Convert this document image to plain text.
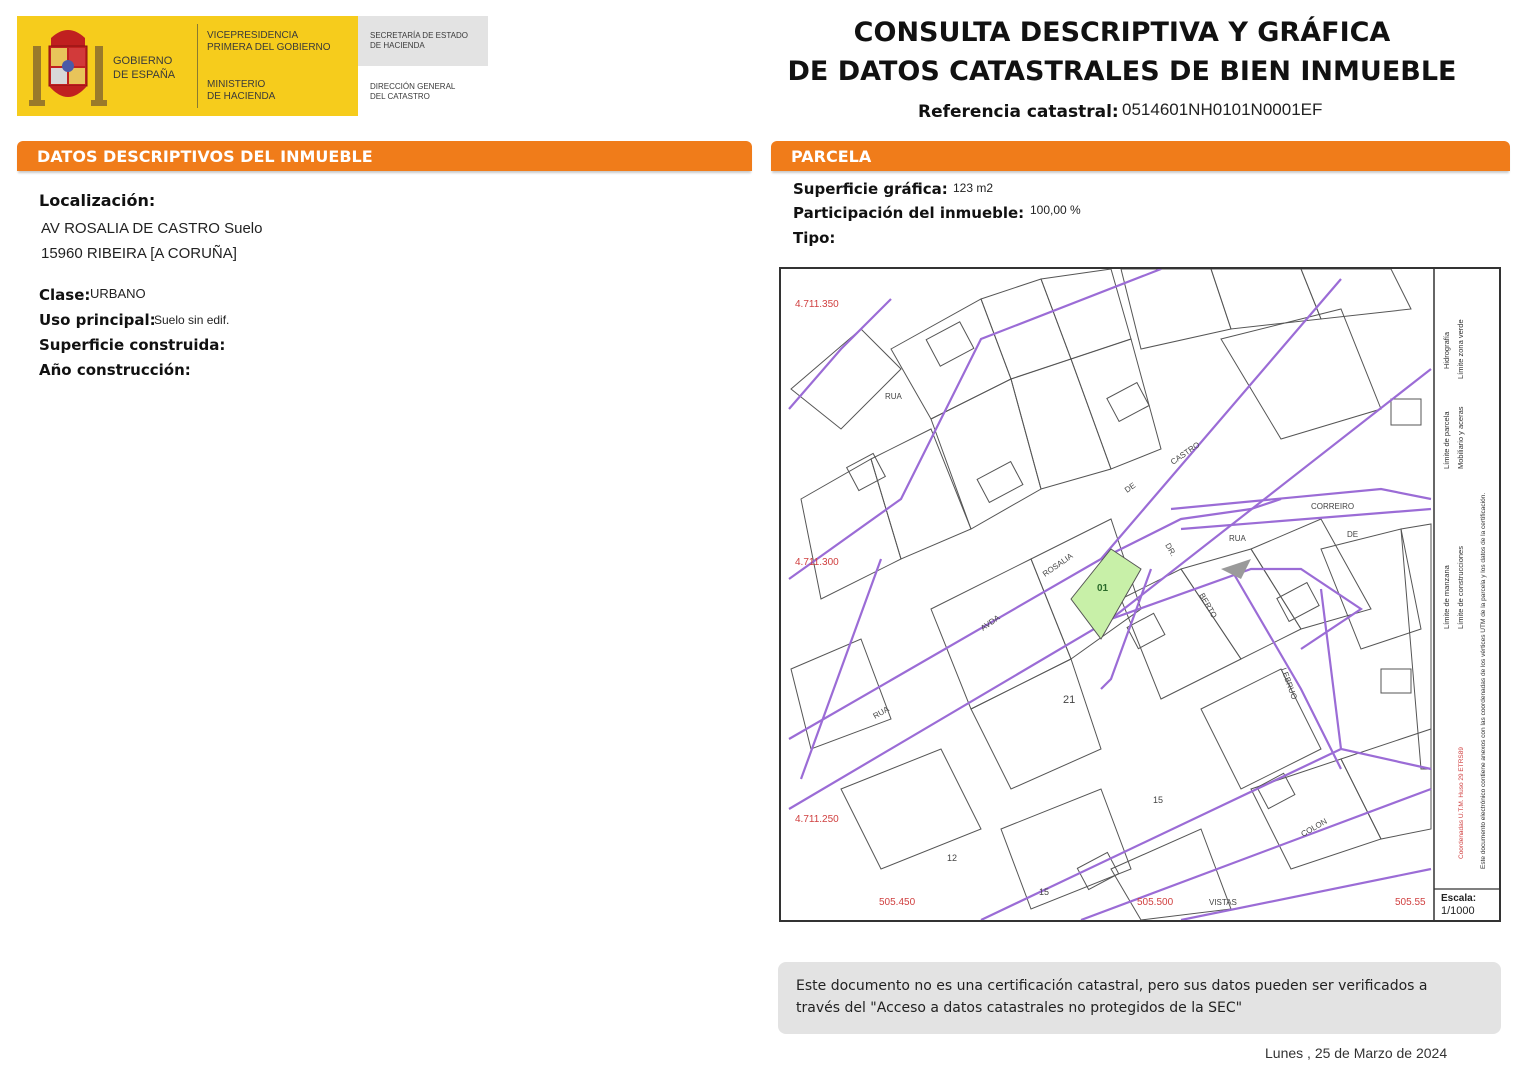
GOBIERNO
DE ESPAÑA
VICEPRESIDENCIA
PRIMERA DEL GOBIERNO
MINISTERIO
DE HACIENDA
SECRETARÍA DE ESTADO
DE HACIENDA
DIRECCIÓN GENERAL
DEL CATASTRO
CONSULTA DESCRIPTIVA Y GRÁFICA
DE DATOS CATASTRALES DE BIEN INMUEBLE
Referencia catastral: 0514601NH0101N0001EF
DATOS DESCRIPTIVOS DEL INMUEBLE	PARCELA
Localización:
AV ROSALIA DE CASTRO Suelo
15960 RIBEIRA [A CORUÑA]
Clase: URBANO
Uso principal:
Suelo sin edif.
Superficie construida:
Año construcción:
Superficie gráfica: 123 m2
Participación del inmueble: 100,00 %
Tipo:
4.711.350
4.711.300
4.711.250
505.450	505.500	505.55
RUA
CASTRO
DE
ROSALIA
AVDA
RUA
DR.
BERTO
LEBRUO
CORREIRO
DE
RUA
COLON
VISTAS
21
12
15
15
01	Límite de manzana
Límite de parcela
Límite de construcciones
Mobiliario y aceras
Límite zona verde
Hidrografía
Este documento electrónico contiene anexos con las coordenadas de los vértices UTM de la parcela y los datos de la certificación.
Coordenadas U.T.M. Huso 29 ETRS89
Escala:
1/1000
Este documento no es una certificación catastral, pero sus datos pueden ser verificados a
través del "Acceso a datos catastrales no protegidos de la SEC"
Lunes , 25 de Marzo de 2024
